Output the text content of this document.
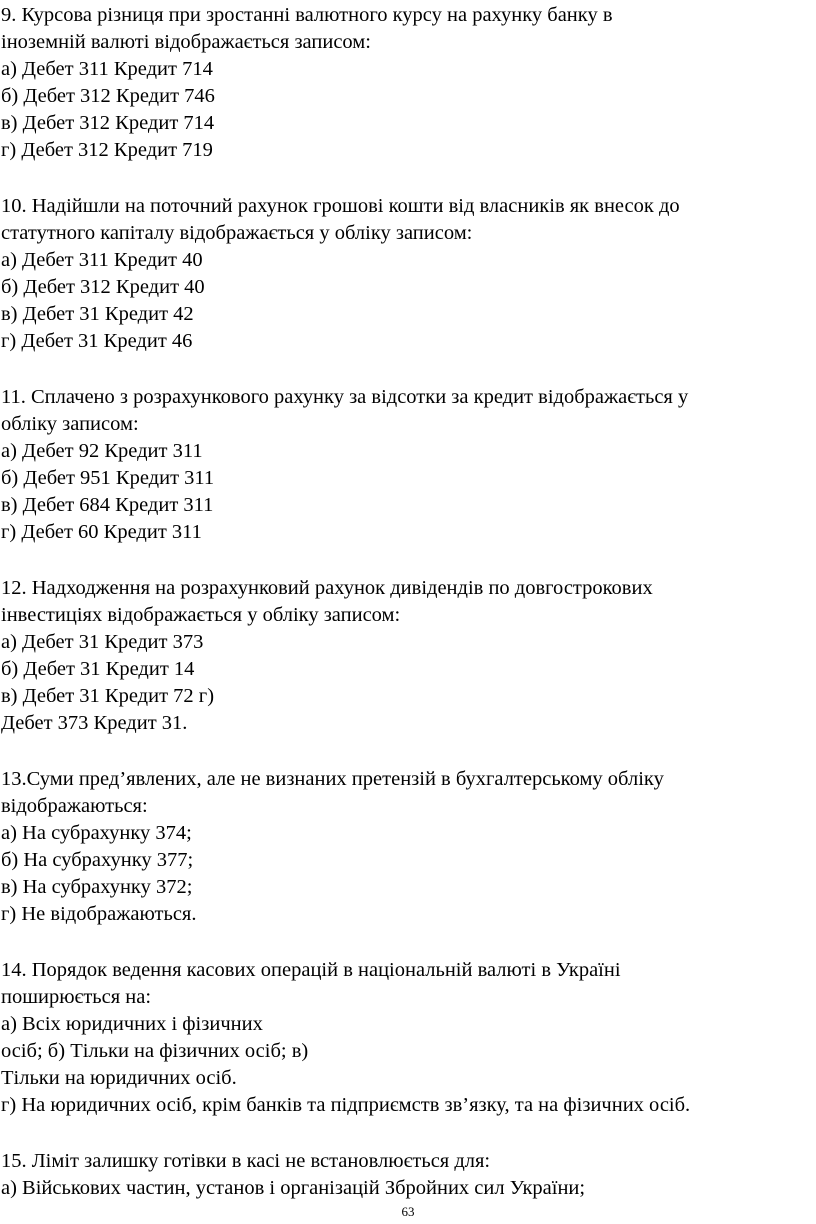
9. Курсова різниця при зростанні валютного курсу на рахунку банку в
іноземній валюті відображається записом:
а) Дебет 311 Кредит 714
б) Дебет 312 Кредит 746
в) Дебет 312 Кредит 714
г) Дебет 312 Кредит 719
10. Надійшли на поточний рахунок грошові кошти від власників як внесок до
статутного капіталу відображається у обліку записом:
а) Дебет 311 Кредит 40
б) Дебет 312 Кредит 40
в) Дебет 31 Кредит 42
г) Дебет 31 Кредит 46
11. Сплачено з розрахункового рахунку за відсотки за кредит відображається у
обліку записом:
а) Дебет 92 Кредит 311
б) Дебет 951 Кредит 311
в) Дебет 684 Кредит 311
г) Дебет 60 Кредит 311
12. Надходження на розрахунковий рахунок дивідендів по довгострокових
інвестиціях відображається у обліку записом:
а) Дебет 31 Кредит 373
б) Дебет 31 Кредит 14
в) Дебет 31 Кредит 72 г)
Дебет 373 Кредит 31.
13.Суми пред’явлених, але не визнаних претензій в бухгалтерському обліку
відображаються:
а) На субрахунку 374;
б) На субрахунку 377;
в) На субрахунку 372;
г) Не відображаються.
14. Порядок ведення касових операцій в національній валюті в Україні
поширюється на:
а) Всіх юридичних і фізичних
осіб; б) Тільки на фізичних осіб; в)
Тільки на юридичних осіб.
г) На юридичних осіб, крім банків та підприємств зв’язку, та на фізичних осіб.
15. Ліміт залишку готівки в касі не встановлюється для:
а) Військових частин, установ і організацій Збройних сил України;
63
